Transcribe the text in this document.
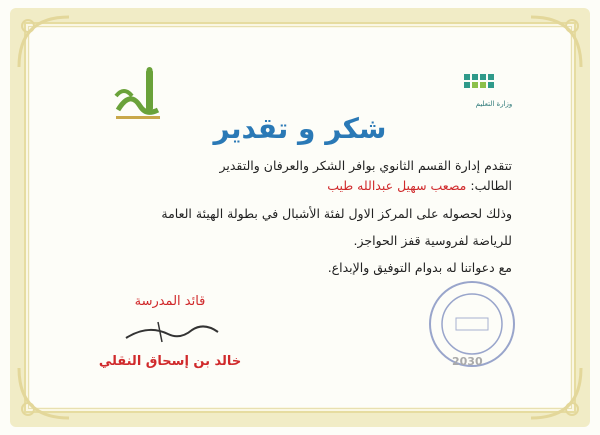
وزارة التعليم
شكر و تقدير
تتقدم إدارة القسم الثانوي بوافر الشكر والعرفان والتقدير
الطالب: مصعب سهيل عبدالله طيب
وذلك لحصوله على المركز الاول لفئة الأشبال في بطولة الهيئة العامة
للرياضة لفروسية قفز الحواجز.
مع دعواتنا له بدوام التوفيق والإبداع.
2030
قائد المدرسة
خالد بن إسحاق النقلي
